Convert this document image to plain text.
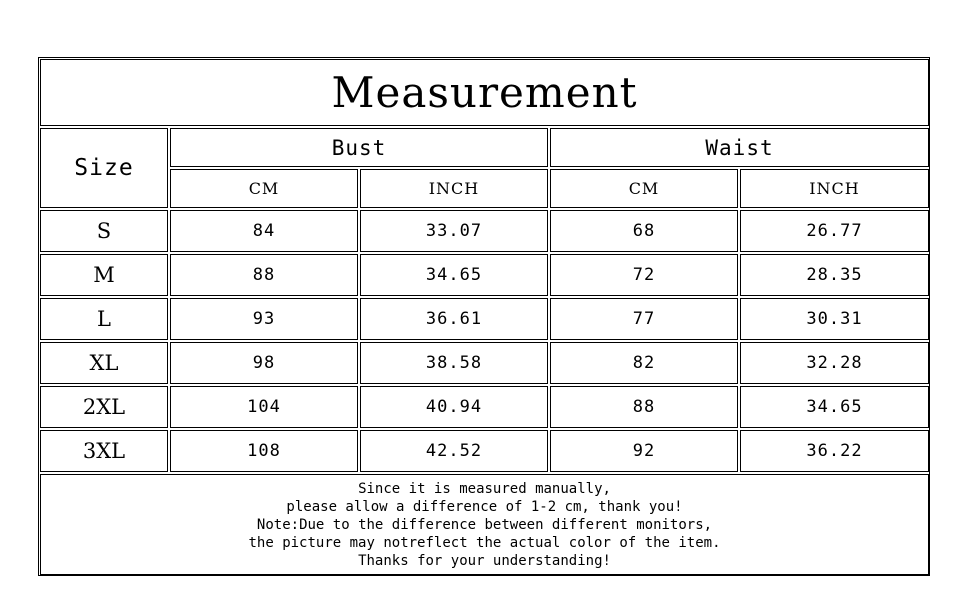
Measurement
Size
Bust	Waist
CM	INCH	CM	INCH
S	84	33.07	68	26.77
M	88	34.65	72	28.35
L	93	36.61	77	30.31
XL	98	38.58	82	32.28
2XL	104	40.94	88	34.65
3XL	108	42.52	92	36.22
Since it is measured manually,
please allow a difference of 1-2 cm, thank you!
Note:Due to the difference between different monitors,
the picture may notreflect the actual color of the item.
Thanks for your understanding!
